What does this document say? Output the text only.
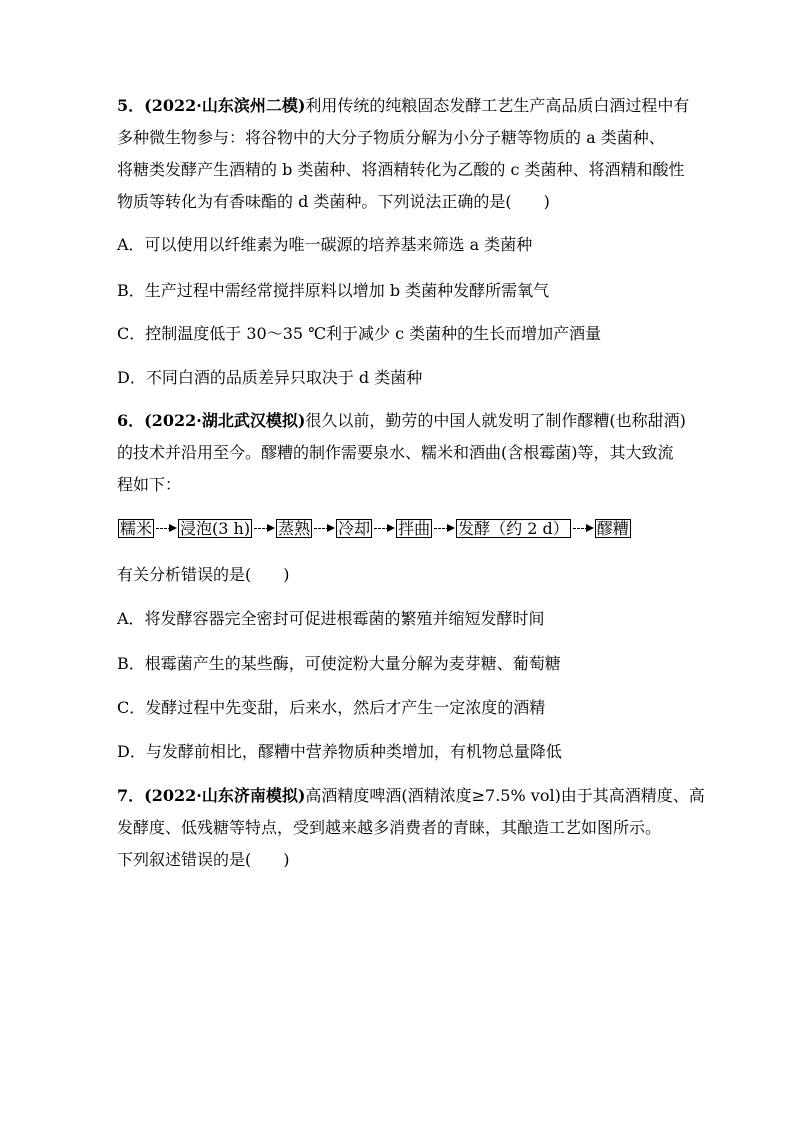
5．(2022·山东滨州二模)利用传统的纯粮固态发酵工艺生产高品质白酒过程中有
多种微生物参与：将谷物中的大分子物质分解为小分子糖等物质的 a 类菌种、
将糖类发酵产生酒精的 b 类菌种、将酒精转化为乙酸的 c 类菌种、将酒精和酸性
物质等转化为有香味酯的 d 类菌种。下列说法正确的是(　　)
A．可以使用以纤维素为唯一碳源的培养基来筛选 a 类菌种
B．生产过程中需经常搅拌原料以增加 b 类菌种发酵所需氧气
C．控制温度低于 30～35 ℃利于减少 c 类菌种的生长而增加产酒量
D．不同白酒的品质差异只取决于 d 类菌种
6．(2022·湖北武汉模拟)很久以前，勤劳的中国人就发明了制作醪糟(也称甜酒)
的技术并沿用至今。醪糟的制作需要泉水、糯米和酒曲(含根霉菌)等，其大致流
程如下：
糯米 浸泡(3 h) 蒸熟 冷却 拌曲 发酵（约 2 d） 醪糟
有关分析错误的是(　　)
A．将发酵容器完全密封可促进根霉菌的繁殖并缩短发酵时间
B．根霉菌产生的某些酶，可使淀粉大量分解为麦芽糖、葡萄糖
C．发酵过程中先变甜，后来水，然后才产生一定浓度的酒精
D．与发酵前相比，醪糟中营养物质种类增加，有机物总量降低
7．(2022·山东济南模拟)高酒精度啤酒(酒精浓度≥7.5% vol)由于其高酒精度、高
发酵度、低残糖等特点，受到越来越多消费者的青睐，其酿造工艺如图所示。
下列叙述错误的是(　　)
